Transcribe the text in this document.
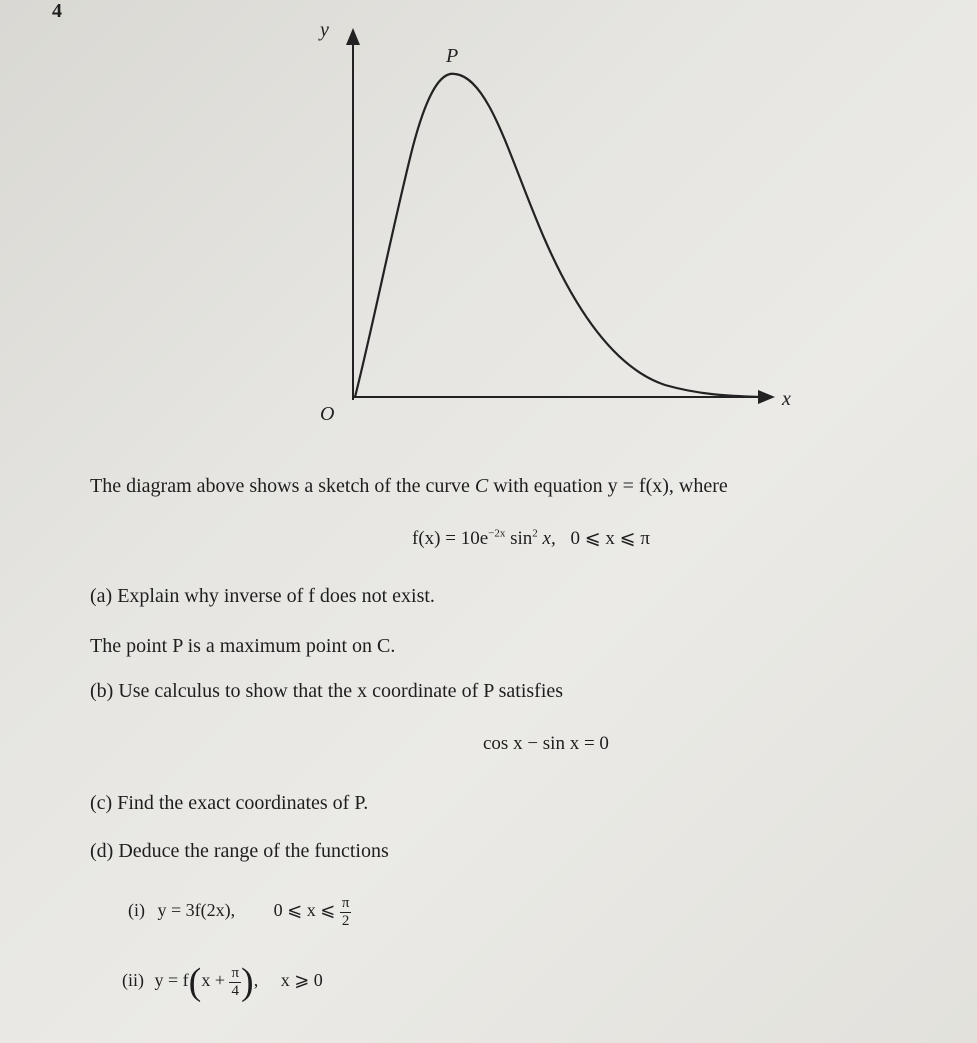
4
y
x
O
P
The diagram above shows a sketch of the curve C with equation y = f(x), where
$f(x) = 10e^{-2x}$ $\sin^2 x$, 0 ⩽ x ⩽ π
(a) Explain why inverse of f does not exist.
The point P is a maximum point on C.
(b) Use calculus to show that the x coordinate of P satisfies
cos x − sin x = 0
(c) Find the exact coordinates of P.
(d) Deduce the range of the functions
(i) y = 3f(2x), 0 ⩽ x ⩽ $\frac{\pi}{2}$
(ii) $y = f(x + \frac{\pi}{4}$ ), x ⩾ 0
